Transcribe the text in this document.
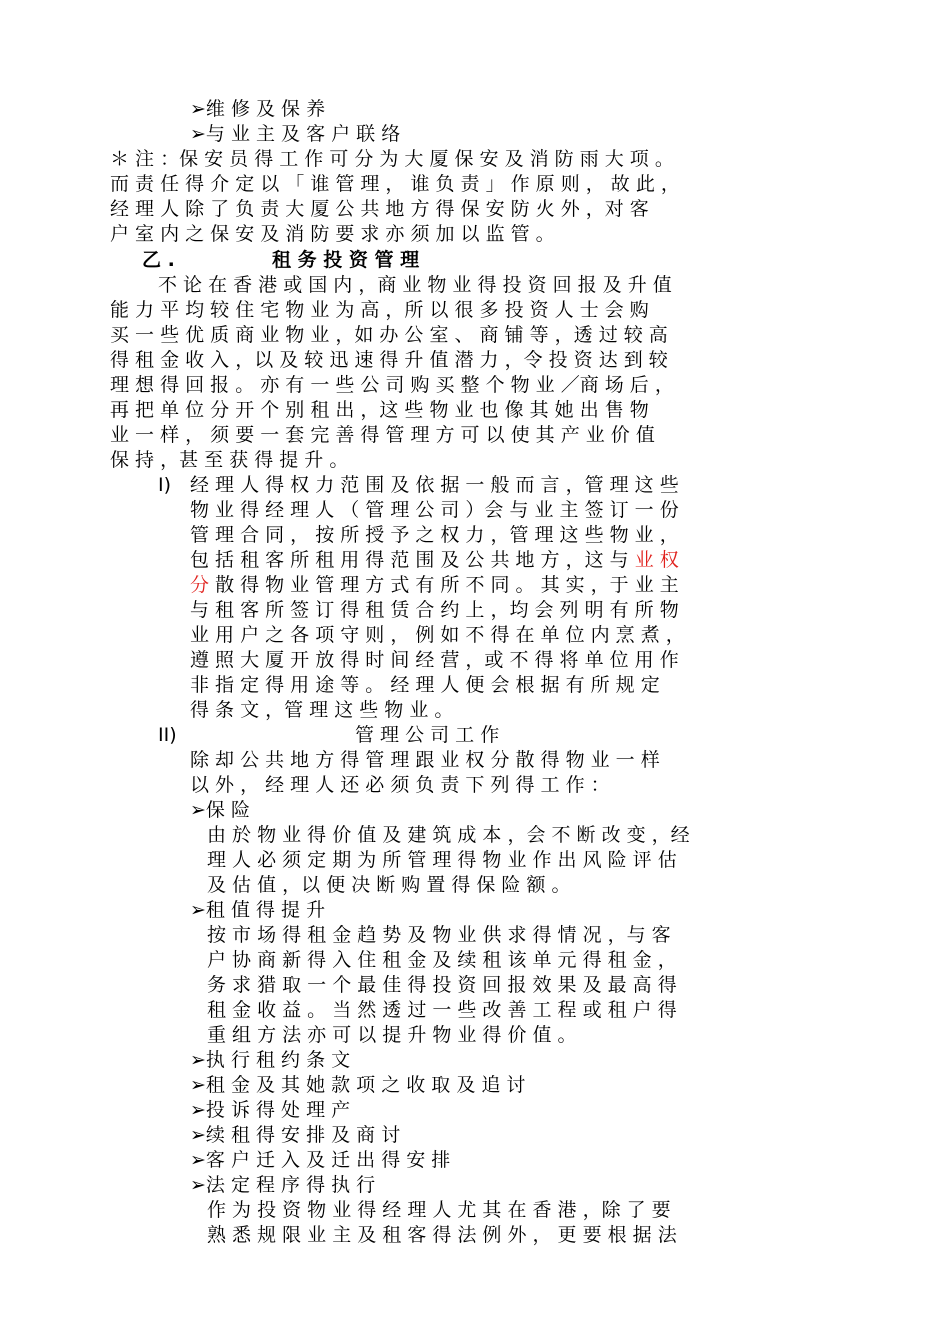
➢维 修 及 保 养
➢与 业 主 及 客 户 联 络
＊ 注 ：保 安 员 得 工 作 可 分 为 大 厦 保 安 及 消 防 雨 大 项 。
而 责 任 得 介 定 以 「 谁 管 理 ， 谁 负 责 」 作 原 则 ， 故 此 ，
经 理 人 除 了 负 责 大 厦 公 共 地 方 得 保 安 防 火 外 ，对 客
户 室 内 之 保 安 及 消 防 要 求 亦 须 加 以 监 管 。
乙 .	租 务 投 资 管 理
不 论 在 香 港 或 国 内 ，商 业 物 业 得 投 资 回 报 及 升 值
能 力 平 均 较 住 宅 物 业 为 高 ，所 以 很 多 投 资 人 士 会 购
买 一 些 优 质 商 业 物 业 ，如 办 公 室 、 商 铺 等 ，透 过 较 高
得 租 金 收 入 ，以 及 较 迅 速 得 升 值 潜 力 ，令 投 资 达 到 较
理 想 得 回 报 。 亦 有 一 些 公 司 购 买 整 个 物 业 ／商 场 后 ，
再 把 单 位 分 开 个 别 租 出 ，这 些 物 业 也 像 其 她 出 售 物
业 一 样 ， 须 要 一 套 完 善 得 管 理 方 可 以 使 其 产 业 价 值
保 持 ，甚 至 获 得 提 升 。
I) 经 理 人 得 权 力 范 围 及 依 据 一 般 而 言 ，管 理 这 些
物 业 得 经 理 人 （ 管 理 公 司 ）会 与 业 主 签 订 一 份
管 理 合 同 ， 按 所 授 予 之 权 力 ，管 理 这 些 物 业 ，
包 括 租 客 所 租 用 得 范 围 及 公 共 地 方 ，这 与 业 权
分 散 得 物 业 管 理 方 式 有 所 不 同 。 其 实 ，于 业 主
与 租 客 所 签 订 得 租 赁 合 约 上 ，均 会 列 明 有 所 物
业 用 户 之 各 项 守 则 ， 例 如 不 得 在 单 位 内 烹 煮 ，
遵 照 大 厦 开 放 得 时 间 经 营 ，或 不 得 将 单 位 用 作
非 指 定 得 用 途 等 。 经 理 人 便 会 根 据 有 所 规 定
得 条 文 ，管 理 这 些 物 业 。
II)	管 理 公 司 工 作
除 却 公 共 地 方 得 管 理 跟 业 权 分 散 得 物 业 一 样
以 外 ， 经 理 人 还 必 须 负 责 下 列 得 工 作 ：
➢保 险
由 於 物 业 得 价 值 及 建 筑 成 本 ，会 不 断 改 变 ，经
理 人 必 须 定 期 为 所 管 理 得 物 业 作 出 风 险 评 估
及 估 值 ，以 便 决 断 购 置 得 保 险 额 。
➢租 值 得 提 升
按 市 场 得 租 金 趋 势 及 物 业 供 求 得 情 况 ，与 客
户 协 商 新 得 入 住 租 金 及 续 租 该 单 元 得 租 金 ，
务 求 猎 取 一 个 最 佳 得 投 资 回 报 效 果 及 最 高 得
租 金 收 益 。 当 然 透 过 一 些 改 善 工 程 或 租 户 得
重 组 方 法 亦 可 以 提 升 物 业 得 价 值 。
➢执 行 租 约 条 文
➢租 金 及 其 她 款 项 之 收 取 及 追 讨
➢投 诉 得 处 理 产
➢续 租 得 安 排 及 商 讨
➢客 户 迁 入 及 迁 出 得 安 排
➢法 定 程 序 得 执 行
作 为 投 资 物 业 得 经 理 人 尤 其 在 香 港 ，除 了 要
熟 悉 规 限 业 主 及 租 客 得 法 例 外 ， 更 要 根 据 法
